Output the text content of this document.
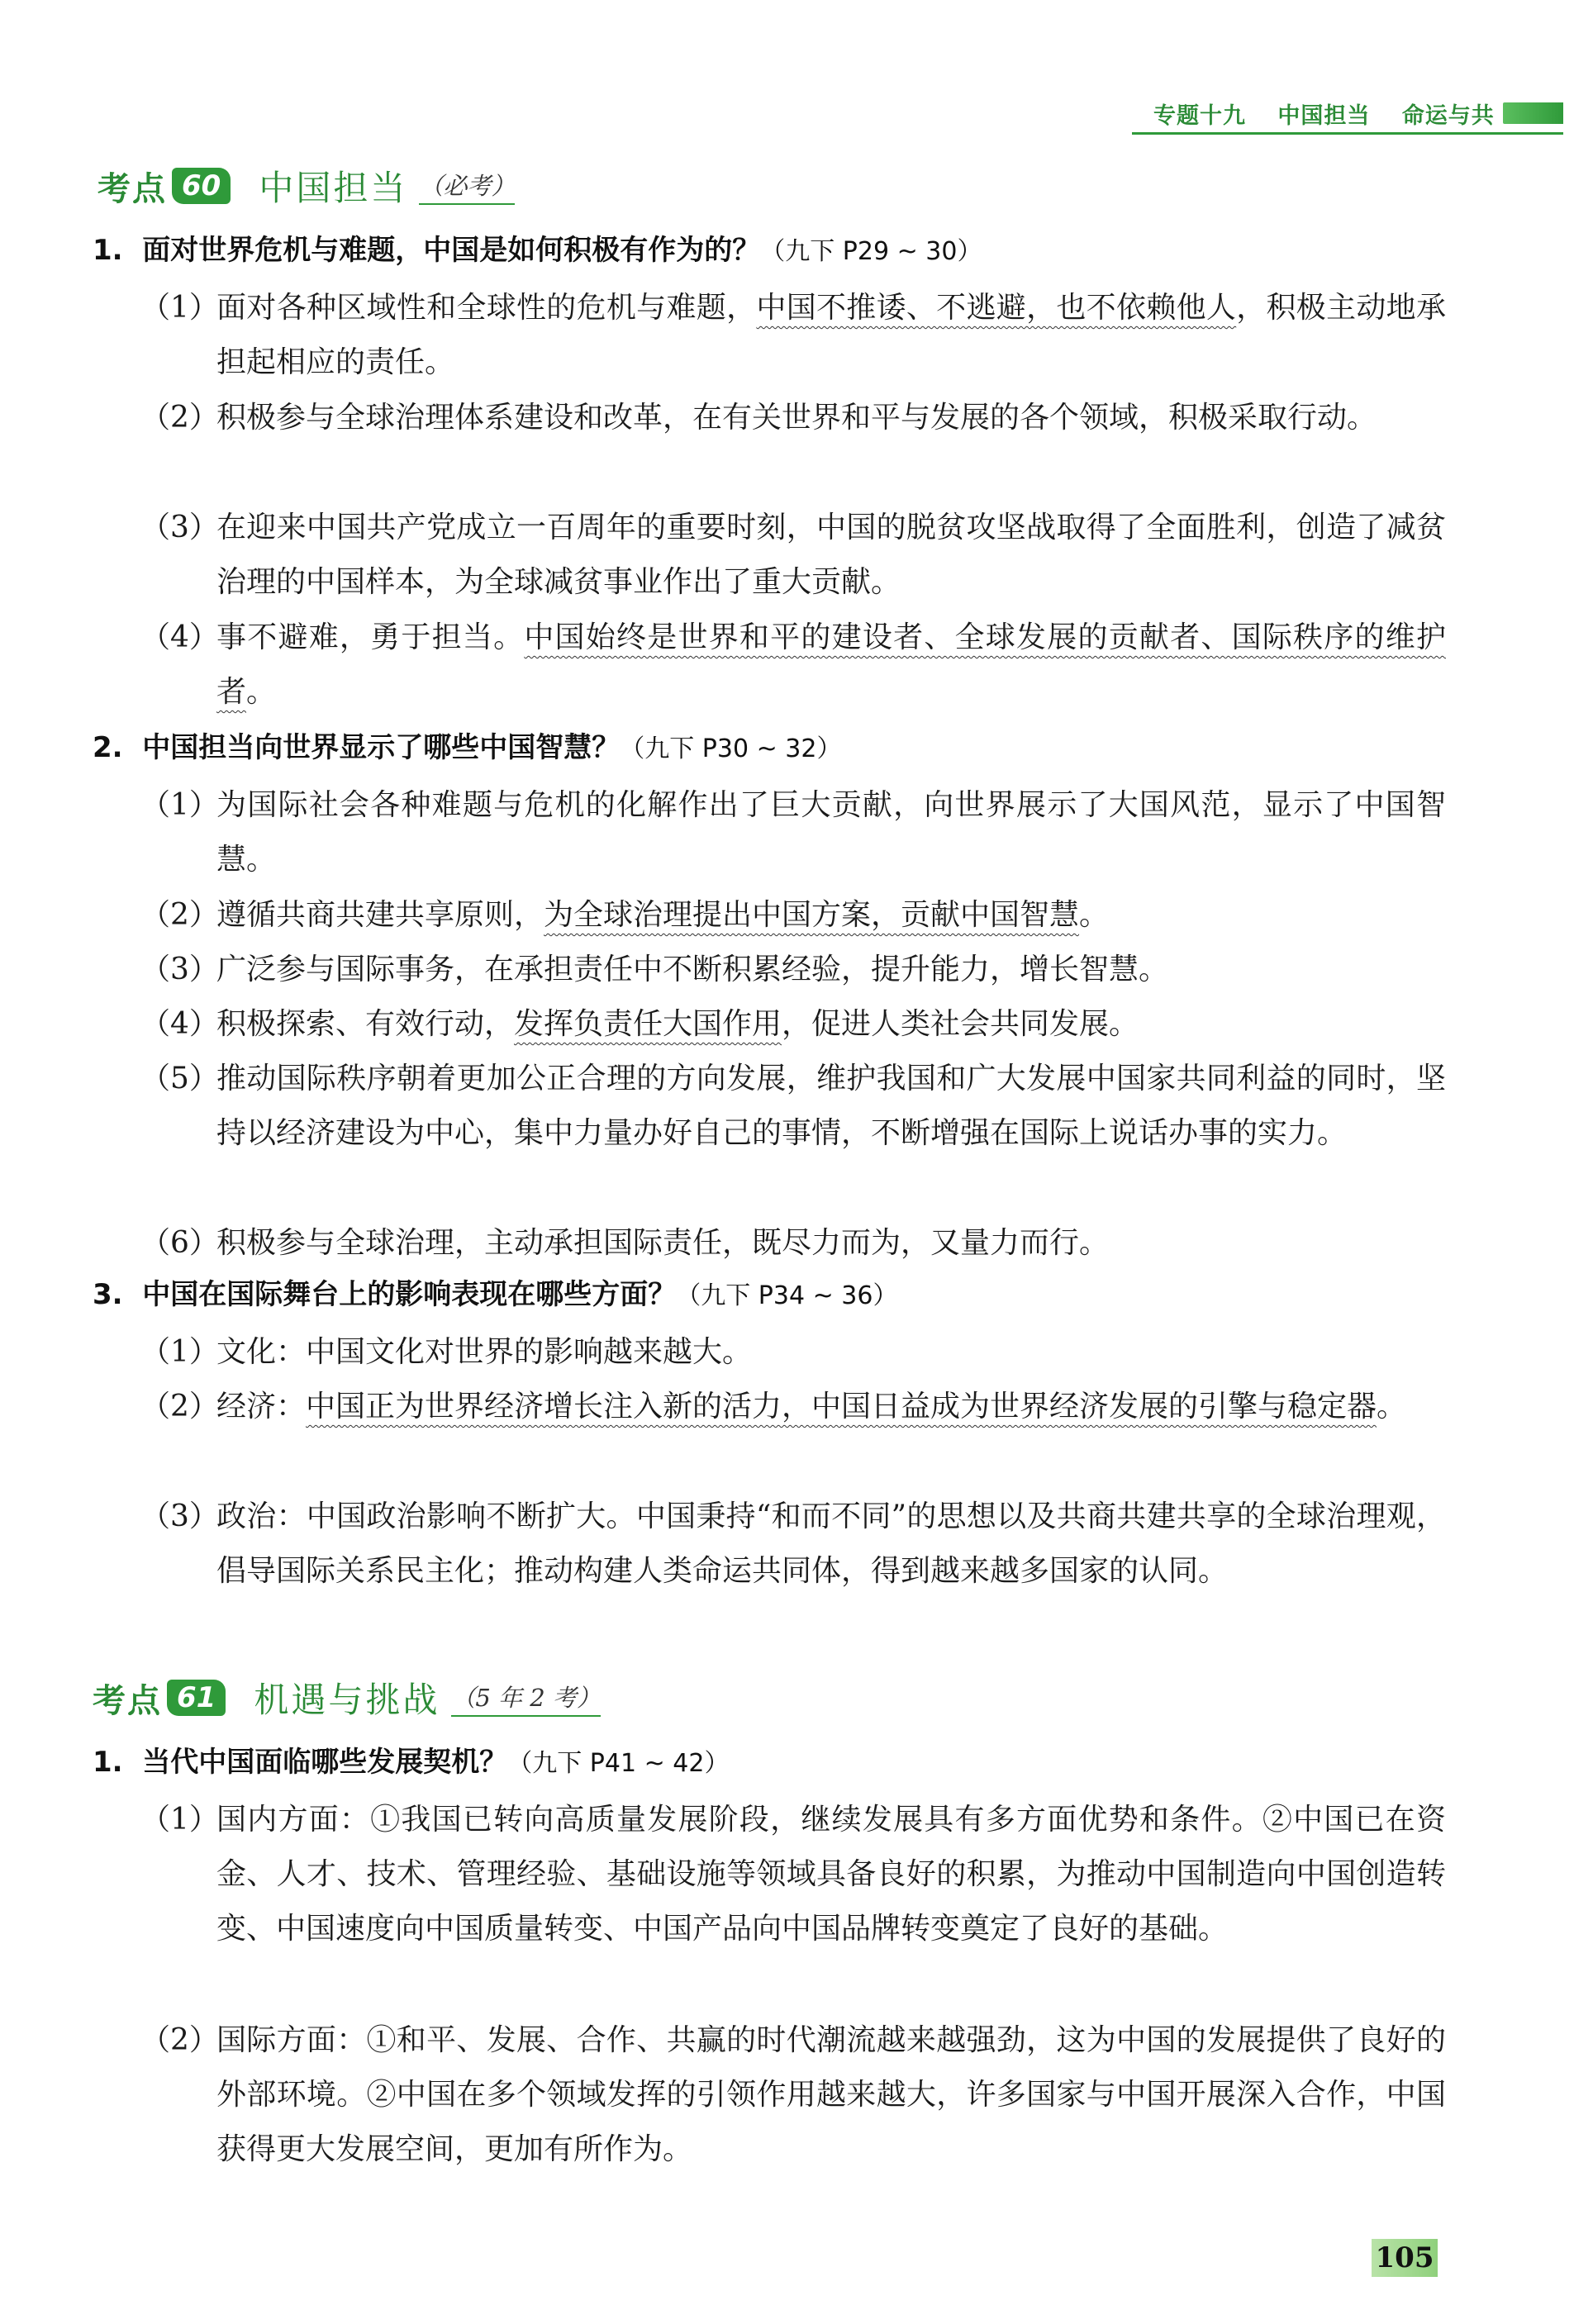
专题十九 中国担当 命运与共
考点 60 中国担当 （必考）
1.  面对世界危机与难题，中国是如何积极有作为的？（九下 P29 ~ 30）
（1）
面对各种区域性和全球性的危机与难题，中国不推诿、不逃避，也不依赖他人，积极主动地承担起相应的责任。
（2）
积极参与全球治理体系建设和改革，在有关世界和平与发展的各个领域，积极采取行动。
（3）
在迎来中国共产党成立一百周年的重要时刻，中国的脱贫攻坚战取得了全面胜利，创造了减贫治理的中国样本，为全球减贫事业作出了重大贡献。
（4）
事不避难，勇于担当。中国始终是世界和平的建设者、全球发展的贡献者、国际秩序的维护者。
2.  中国担当向世界显示了哪些中国智慧？（九下 P30 ~ 32）
（1）
为国际社会各种难题与危机的化解作出了巨大贡献，向世界展示了大国风范，显示了中国智慧。
（2）
遵循共商共建共享原则，为全球治理提出中国方案，贡献中国智慧。
（3）
广泛参与国际事务，在承担责任中不断积累经验，提升能力，增长智慧。
（4）
积极探索、有效行动，发挥负责任大国作用，促进人类社会共同发展。
（5）
推动国际秩序朝着更加公正合理的方向发展，维护我国和广大发展中国家共同利益的同时，坚持以经济建设为中心，集中力量办好自己的事情，不断增强在国际上说话办事的实力。
（6）
积极参与全球治理，主动承担国际责任，既尽力而为，又量力而行。
3.  中国在国际舞台上的影响表现在哪些方面？（九下 P34 ~ 36）
（1）
文化：中国文化对世界的影响越来越大。
（2）
经济：中国正为世界经济增长注入新的活力，中国日益成为世界经济发展的引擎与稳定器。
（3）
政治：中国政治影响不断扩大。中国秉持“和而不同”的思想以及共商共建共享的全球治理观，倡导国际关系民主化；推动构建人类命运共同体，得到越来越多国家的认同。
考点 61 机遇与挑战 （5 年 2 考）
1.  当代中国面临哪些发展契机？（九下 P41 ~ 42）
（1）
国内方面：①我国已转向高质量发展阶段，继续发展具有多方面优势和条件。②中国已在资金、人才、技术、管理经验、基础设施等领域具备良好的积累，为推动中国制造向中国创造转变、中国速度向中国质量转变、中国产品向中国品牌转变奠定了良好的基础。
（2）
国际方面：①和平、发展、合作、共赢的时代潮流越来越强劲，这为中国的发展提供了良好的外部环境。②中国在多个领域发挥的引领作用越来越大，许多国家与中国开展深入合作，中国获得更大发展空间，更加有所作为。
105
